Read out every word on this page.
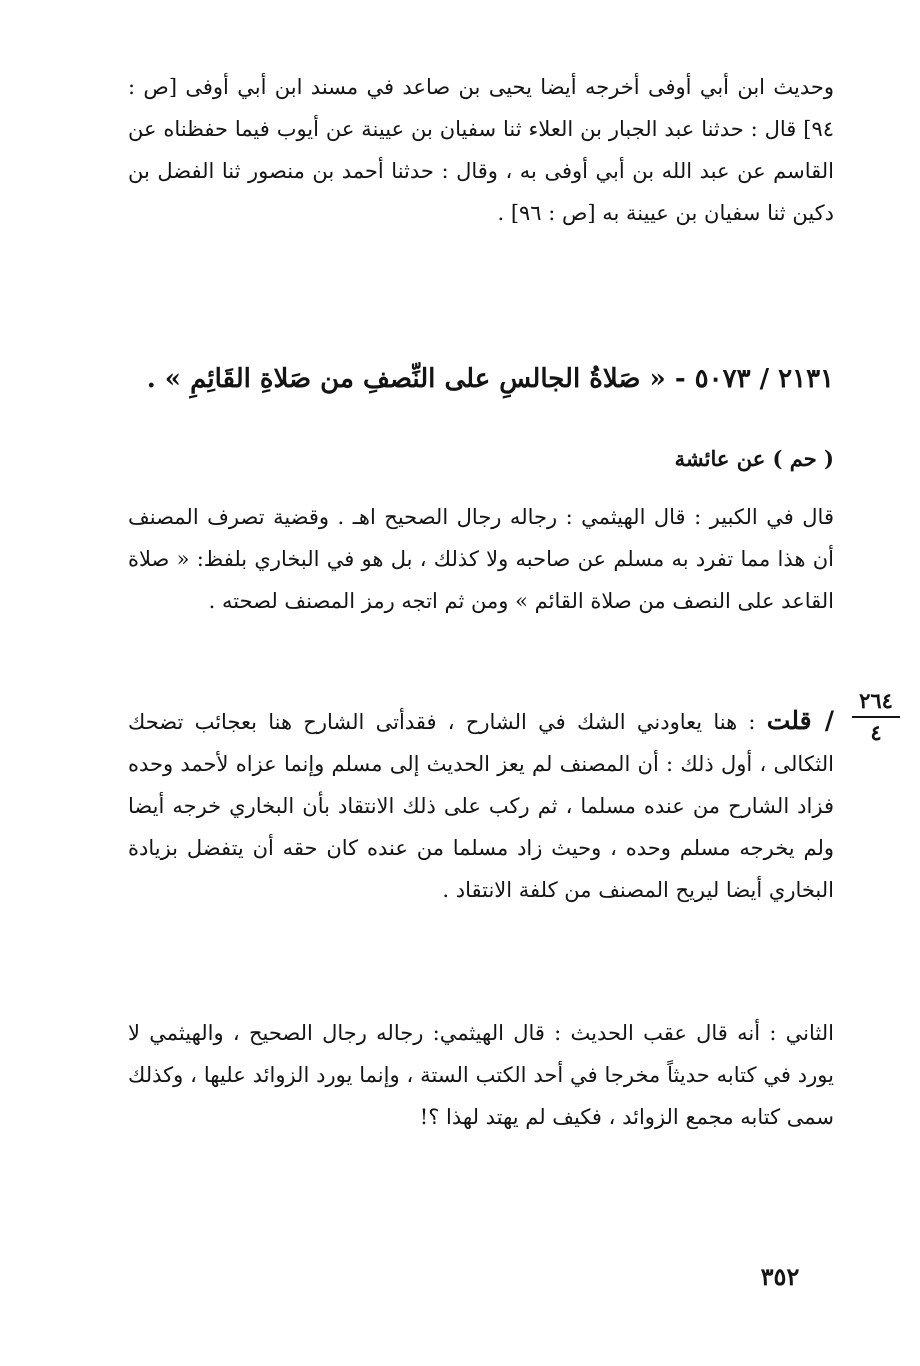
وحديث ابن أبي أوفى أخرجه أيضا يحيى بن صاعد في مسند ابن أبي أوفى [ص : ٩٤] قال : حدثنا عبد الجبار بن العلاء ثنا سفيان بن عيينة عن أيوب فيما حفظناه عن القاسم عن عبد الله بن أبي أوفى به ، وقال : حدثنا أحمد بن منصور ثنا الفضل بن دكين ثنا سفيان بن عيينة به [ص : ٩٦] .

٢١٣١ / ٥٠٧٣ - « صَلاةُ الجالسِ على النِّصفِ من صَلاةِ القَائِمِ » .

( حم ) عن عائشة

قال في الكبير : قال الهيثمي : رجاله رجال الصحيح اهـ . وقضية تصرف المصنف أن هذا مما تفرد به مسلم عن صاحبه ولا كذلك ، بل هو في البخاري بلفظ: « صلاة القاعد على النصف من صلاة القائم » ومن ثم اتجه رمز المصنف لصحته .

/ قلت : هنا يعاودني الشك في الشارح ، فقدأتى الشارح هنا بعجائب تضحك الثكالى ، أول ذلك : أن المصنف لم يعز الحديث إلى مسلم وإنما عزاه لأحمد وحده فزاد الشارح من عنده مسلما ، ثم ركب على ذلك الانتقاد بأن البخاري خرجه أيضا ولم يخرجه مسلم وحده ، وحيث زاد مسلما من عنده كان حقه أن يتفضل بزيادة البخاري أيضا ليريح المصنف من كلفة الانتقاد .

الثاني : أنه قال عقب الحديث : قال الهيثمي: رجاله رجال الصحيح ، والهيثمي لا يورد في كتابه حديثاً مخرجا في أحد الكتب الستة ، وإنما يورد الزوائد عليها ، وكذلك سمى كتابه مجمع الزوائد ، فكيف لم يهتد لهذا ؟!

٢٦٤
٤
٣٥٢
